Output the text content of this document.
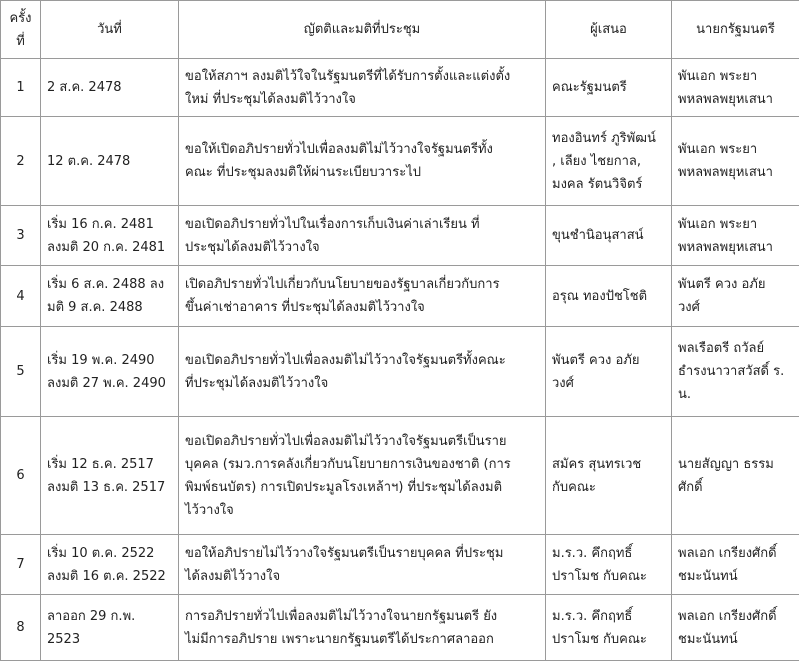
ครั้ง
ที่	วันที่	ญัตติและมติที่ประชุม	ผู้เสนอ	นายกรัฐมนตรี
1	2 ส.ค. 2478	ขอให้สภาฯ ลงมติไว้ใจในรัฐมนตรีที่ได้รับการตั้งและแต่งตั้ง
ใหม่ ที่ประชุมได้ลงมติไว้วางใจ	คณะรัฐมนตรี	พันเอก พระยา
พหลพลพยุหเสนา

2	12 ต.ค. 2478	ขอให้เปิดอภิปรายทั่วไปเพื่อลงมติไม่ไว้วางใจรัฐมนตรีทั้ง
คณะ ที่ประชุมลงมติให้ผ่านระเบียบวาระไป	ทองอินทร์ ภูริพัฒน์
, เลียง ไชยกาล,
มงคล รัตนวิจิตร์	พันเอก พระยา
พหลพลพยุหเสนา

3	เริ่ม 16 ก.ค. 2481
ลงมติ 20 ก.ค. 2481	ขอเปิดอภิปรายทั่วไปในเรื่องการเก็บเงินค่าเล่าเรียน ที่
ประชุมได้ลงมติไว้วางใจ	ขุนชำนิอนุสาสน์	พันเอก พระยา
พหลพลพยุหเสนา

4	เริ่ม 6 ส.ค. 2488 ลง
มติ 9 ส.ค. 2488	เปิดอภิปรายทั่วไปเกี่ยวกับนโยบายของรัฐบาลเกี่ยวกับการ
ขึ้นค่าเช่าอาคาร ที่ประชุมได้ลงมติไว้วางใจ	อรุณ ทองปัชโชติ	พันตรี ควง อภัย
วงศ์

5	เริ่ม 19 พ.ค. 2490
ลงมติ 27 พ.ค. 2490	ขอเปิดอภิปรายทั่วไปเพื่อลงมติไม่ไว้วางใจรัฐมนตรีทั้งคณะ
ที่ประชุมได้ลงมติไว้วางใจ	พันตรี ควง อภัย
วงศ์	พลเรือตรี ถวัลย์
ธำรงนาวาสวัสดิ์ ร.
น.

6	เริ่ม 12 ธ.ค. 2517
ลงมติ 13 ธ.ค. 2517	ขอเปิดอภิปรายทั่วไปเพื่อลงมติไม่ไว้วางใจรัฐมนตรีเป็นราย
บุคคล (รมว.การคลังเกี่ยวกับนโยบายการเงินของชาติ (การ
พิมพ์ธนบัตร) การเปิดประมูลโรงเหล้าฯ) ที่ประชุมได้ลงมติ
ไว้วางใจ	สมัคร สุนทรเวช
กับคณะ	นายสัญญา ธรรม
ศักดิ์

7	เริ่ม 10 ต.ค. 2522
ลงมติ 16 ต.ค. 2522	ขอให้อภิปรายไม่ไว้วางใจรัฐมนตรีเป็นรายบุคคล ที่ประชุม
ได้ลงมติไว้วางใจ	ม.ร.ว. คึกฤทธิ์
ปราโมช กับคณะ	พลเอก เกรียงศักดิ์
ชมะนันทน์

8	ลาออก 29 ก.พ.
2523	การอภิปรายทั่วไปเพื่อลงมติไม่ไว้วางใจนายกรัฐมนตรี ยัง
ไม่มีการอภิปราย เพราะนายกรัฐมนตรีได้ประกาศลาออก	ม.ร.ว. คึกฤทธิ์
ปราโมช กับคณะ	พลเอก เกรียงศักดิ์
ชมะนันทน์
